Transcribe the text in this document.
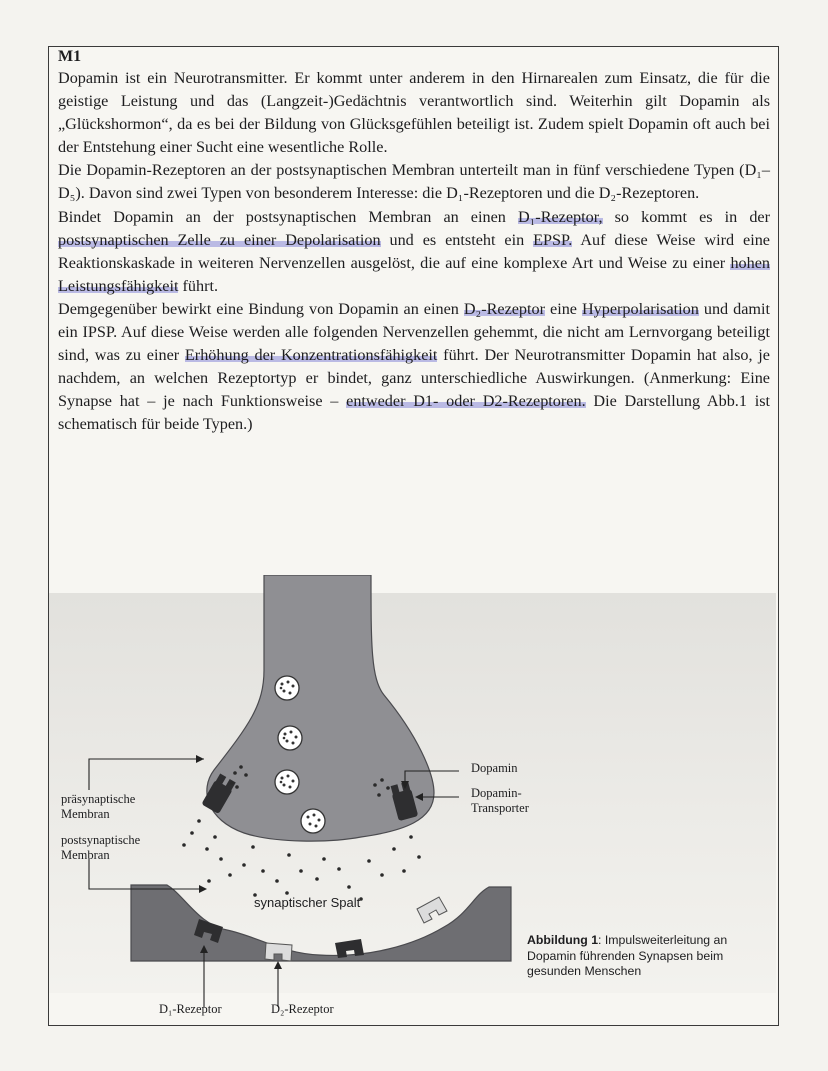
M1

Dopamin ist ein Neurotransmitter. Er kommt unter anderem in den Hirnarealen zum Einsatz, die für die geistige Leistung und das (Langzeit-)Gedächtnis verantwortlich sind. Weiterhin gilt Dopamin als „Glückshormon“, da es bei der Bildung von Glücksgefühlen beteiligt ist. Zudem spielt Dopamin oft auch bei der Entstehung einer Sucht eine wesentliche Rolle.

Die Dopamin-Rezeptoren an der postsynaptischen Membran unterteilt man in fünf verschiedene Typen (D₁–D₅). Davon sind zwei Typen von besonderem Interesse: die D₁-Rezeptoren und die D₂-Rezeptoren.

Bindet Dopamin an der postsynaptischen Membran an einen D₁-Rezeptor, so kommt es in der postsynaptischen Zelle zu einer Depolarisation und es entsteht ein EPSP. Auf diese Weise wird eine Reaktionskaskade in weiteren Nervenzellen ausgelöst, die auf eine komplexe Art und Weise zu einer hohen Leistungsfähigkeit führt.

Demgegenüber bewirkt eine Bindung von Dopamin an einen D₂-Rezeptor eine Hyperpolarisation und damit ein IPSP. Auf diese Weise werden alle folgenden Nervenzellen gehemmt, die nicht am Lernvorgang beteiligt sind, was zu einer Erhöhung der Konzentrationsfähigkeit führt. Der Neurotransmitter Dopamin hat also, je nachdem, an welchen Rezeptortyp er bindet, ganz unterschiedliche Auswirkungen. (Anmerkung: Eine Synapse hat – je nach Funktionsweise – entweder D1- oder D2-Rezeptoren. Die Darstellung Abb.1 ist schematisch für beide Typen.)

Dopamin
Dopamin-
Transporter
präsynaptische
Membran
postsynaptische
Membran
synaptischer Spalt
D₁-Rezeptor	D₂-Rezeptor
Abbildung 1: Impulsweiterleitung an Dopamin führenden Synapsen beim gesunden Menschen
